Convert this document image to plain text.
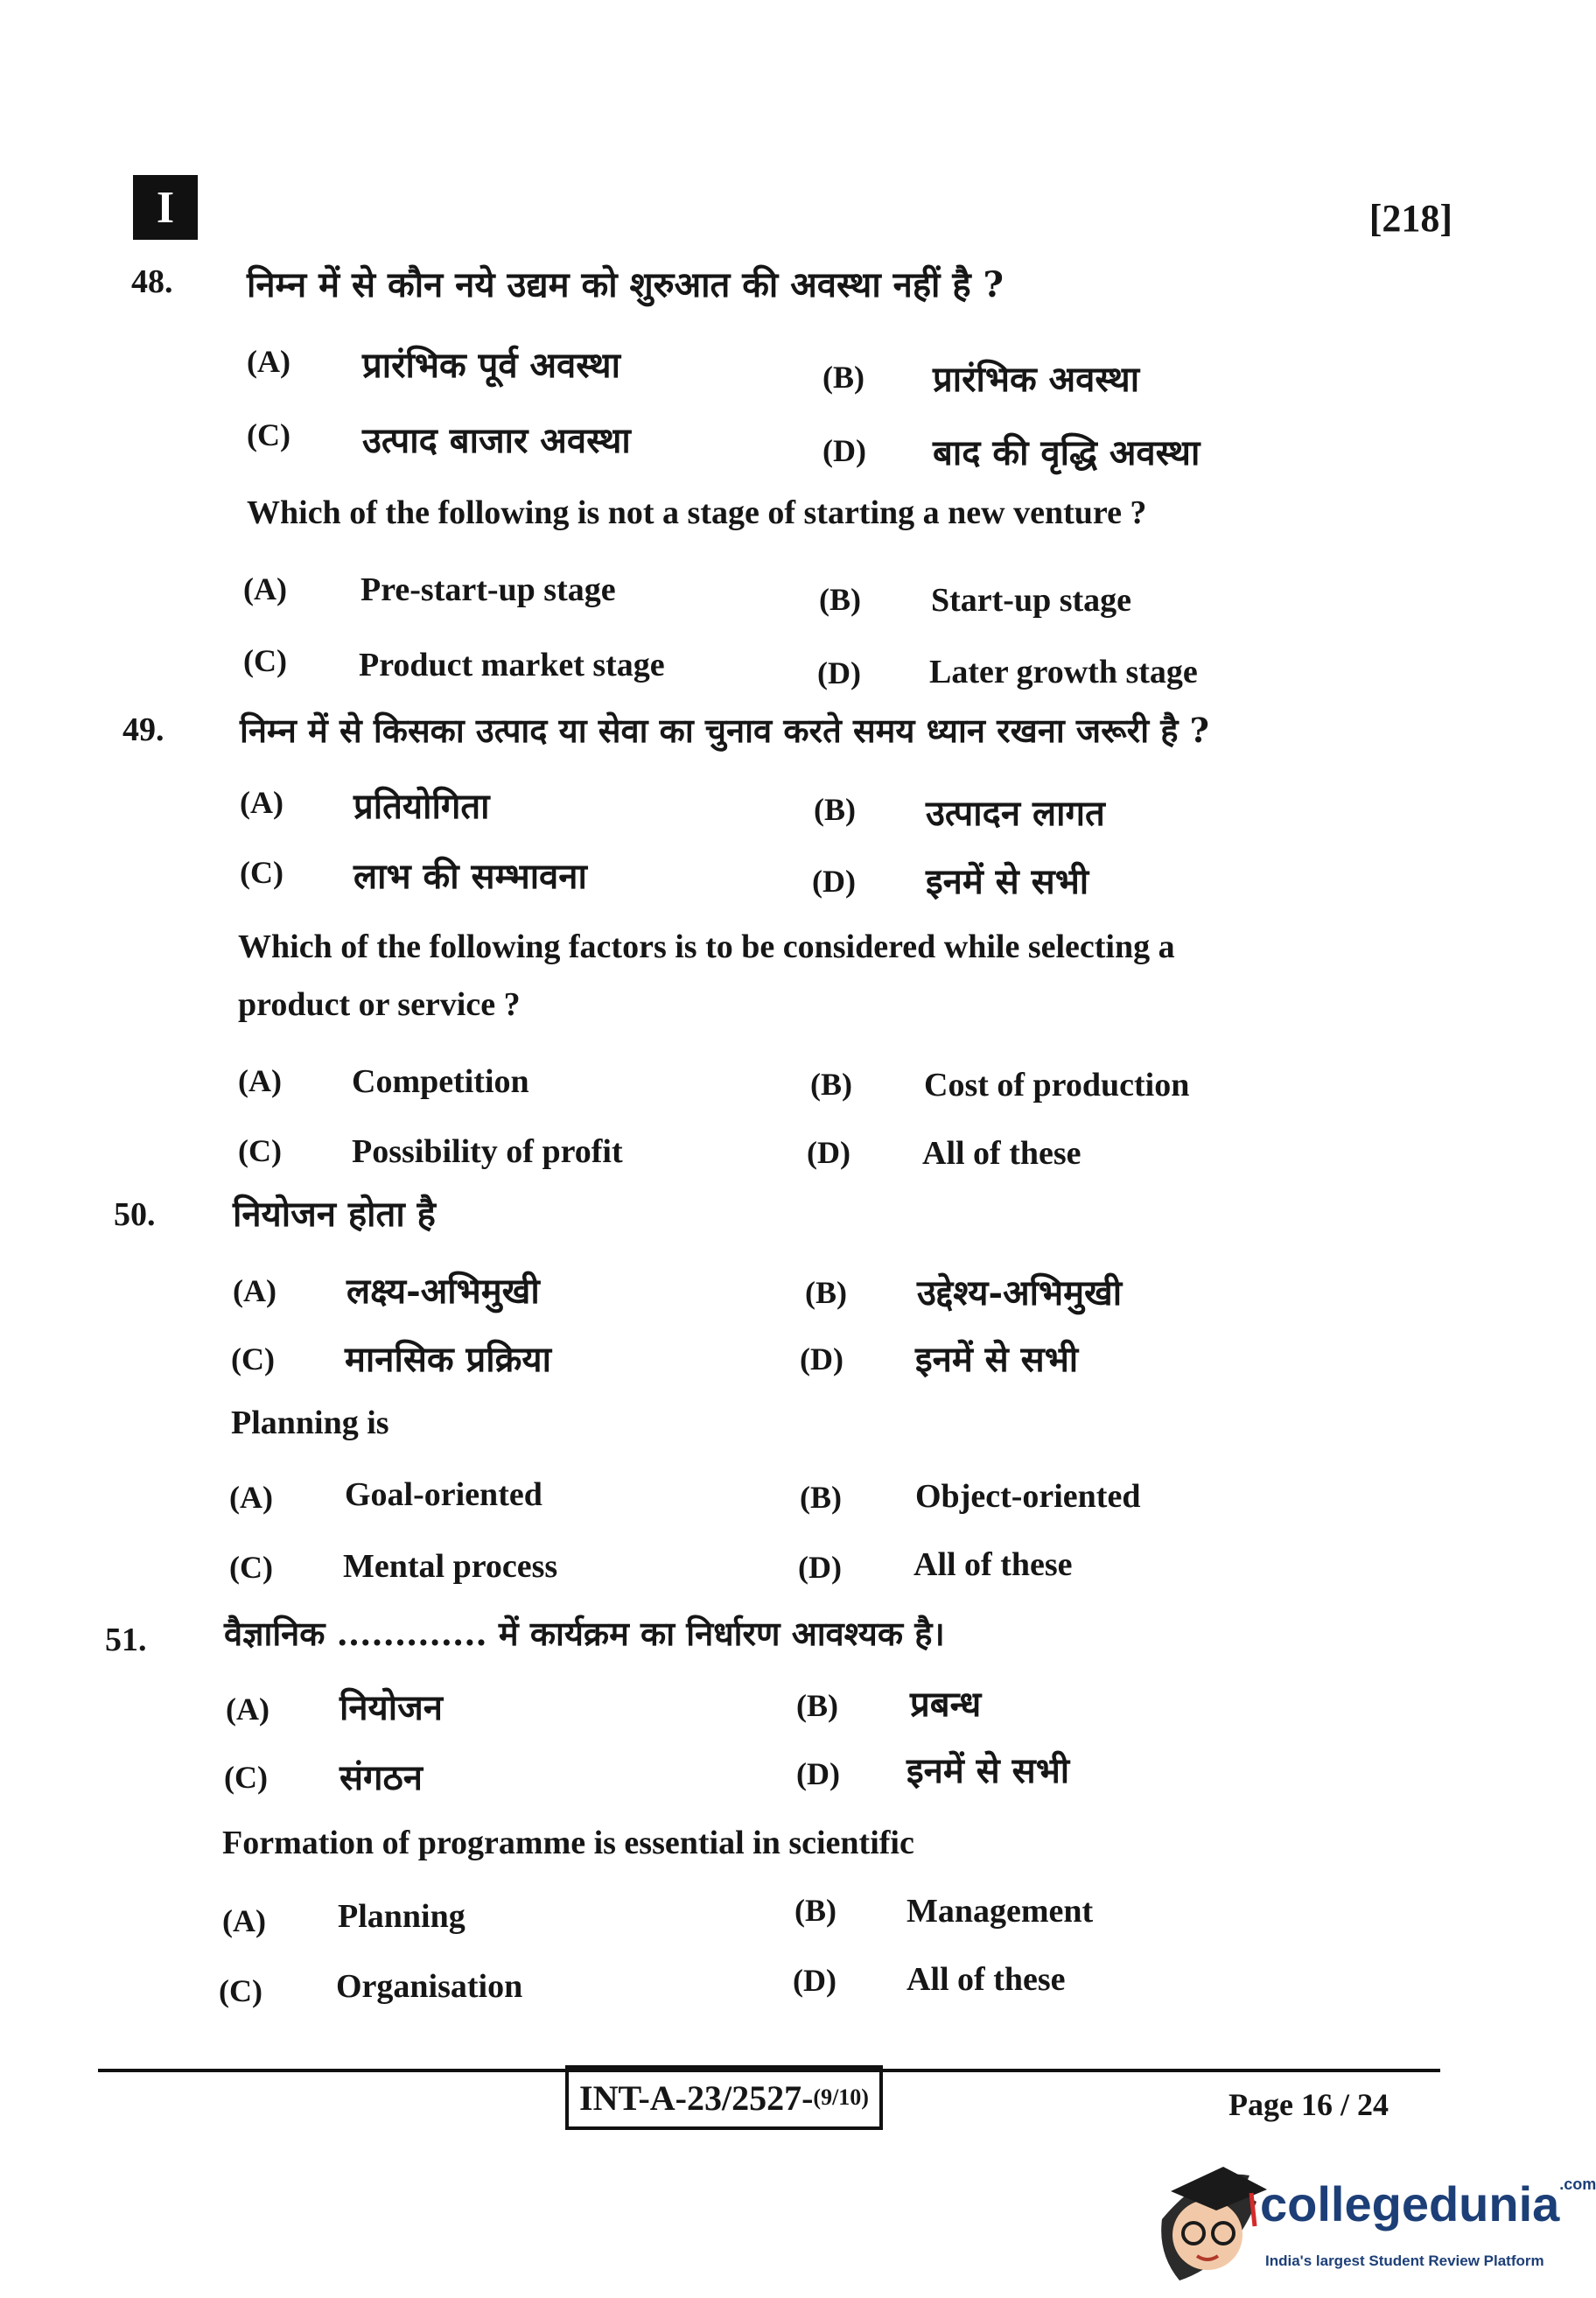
I	[218]
48. निम्न में से कौन नये उद्यम को शुरुआत की अवस्था नहीं है ?
(A) प्रारंभिक पूर्व अवस्था	(B) प्रारंभिक अवस्था
(C) उत्पाद बाजार अवस्था	(D) बाद की वृद्धि अवस्था
Which of the following is not a stage of starting a new venture ?
(A) Pre-start-up stage	(B) Start-up stage
(C) Product market stage	(D) Later growth stage
49. निम्न में से किसका उत्पाद या सेवा का चुनाव करते समय ध्यान रखना जरूरी है ?
(A) प्रतियोगिता	(B) उत्पादन लागत
(C) लाभ की सम्भावना	(D) इनमें से सभी
Which of the following factors is to be considered while selecting a
product or service ?
(A) Competition	(B) Cost of production
(C) Possibility of profit	(D) All of these
50. नियोजन होता है
(A) लक्ष्य-अभिमुखी	(B) उद्देश्य-अभिमुखी
(C) मानसिक प्रक्रिया	(D) इनमें से सभी
Planning is
(A) Goal-oriented	(B) Object-oriented
(C) Mental process	(D) All of these
51. वैज्ञानिक ............. में कार्यक्रम का निर्धारण आवश्यक है।
(A) नियोजन	(B) प्रबन्ध
(C) संगठन	(D) इनमें से सभी
Formation of programme is essential in scientific
(A) Planning	(B) Management
(C) Organisation	(D) All of these
INT-A-23/2527- (9/10)	Page 16 / 24
collegedunia$^{.com}$
India's largest Student Review Platform
